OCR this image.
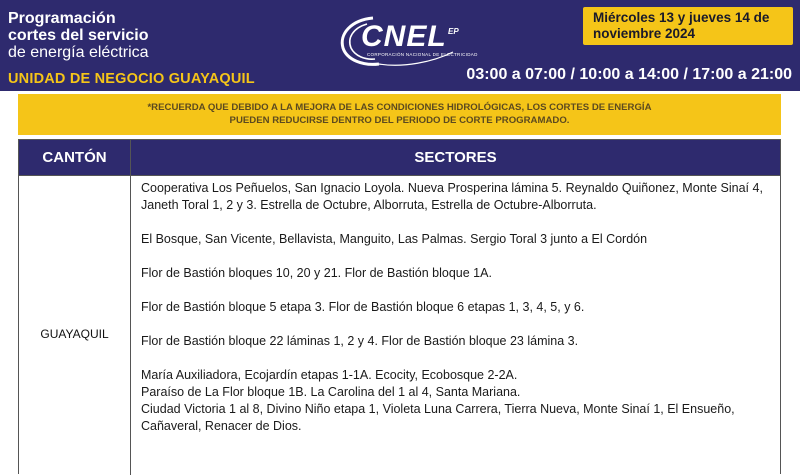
Programación
cortes del servicio
de energía eléctrica
UNIDAD DE NEGOCIO GUAYAQUIL
CNEL EP
CORPORACIÓN NACIONAL DE ELECTRICIDAD
Miércoles 13 y jueves 14 de noviembre 2024
03:00 a 07:00 / 10:00 a 14:00 / 17:00 a 21:00
*RECUERDA QUE DEBIDO A LA MEJORA DE LAS CONDICIONES HIDROLÓGICAS, LOS CORTES DE ENERGÍA
PUEDEN REDUCIRSE DENTRO DEL PERIODO DE CORTE PROGRAMADO.
CANTÓN	SECTORES
GUAYAQUIL

Cooperativa Los Peñuelos, San Ignacio Loyola. Nueva Prosperina lámina 5. Reynaldo Quiñonez, Monte Sinaí 4, Janeth Toral 1, 2 y 3. Estrella de Octubre, Alborruta, Estrella de Octubre-Alborruta.

El Bosque, San Vicente, Bellavista, Manguito, Las Palmas. Sergio Toral 3 junto a El Cordón

Flor de Bastión bloques 10, 20 y 21. Flor de Bastión bloque 1A.

Flor de Bastión bloque 5 etapa 3. Flor de Bastión bloque 6 etapas 1, 3, 4, 5, y 6.

Flor de Bastión bloque 22 láminas 1, 2 y 4. Flor de Bastión bloque 23 lámina 3.

María Auxiliadora, Ecojardín etapas 1-1A. Ecocity, Ecobosque 2-2A.

Paraíso de La Flor bloque 1B. La Carolina del 1 al 4, Santa Mariana.

Ciudad Victoria 1 al 8, Divino Niño etapa 1, Violeta Luna Carrera, Tierra Nueva, Monte Sinaí 1, El Ensueño, Cañaveral, Renacer de Dios.
